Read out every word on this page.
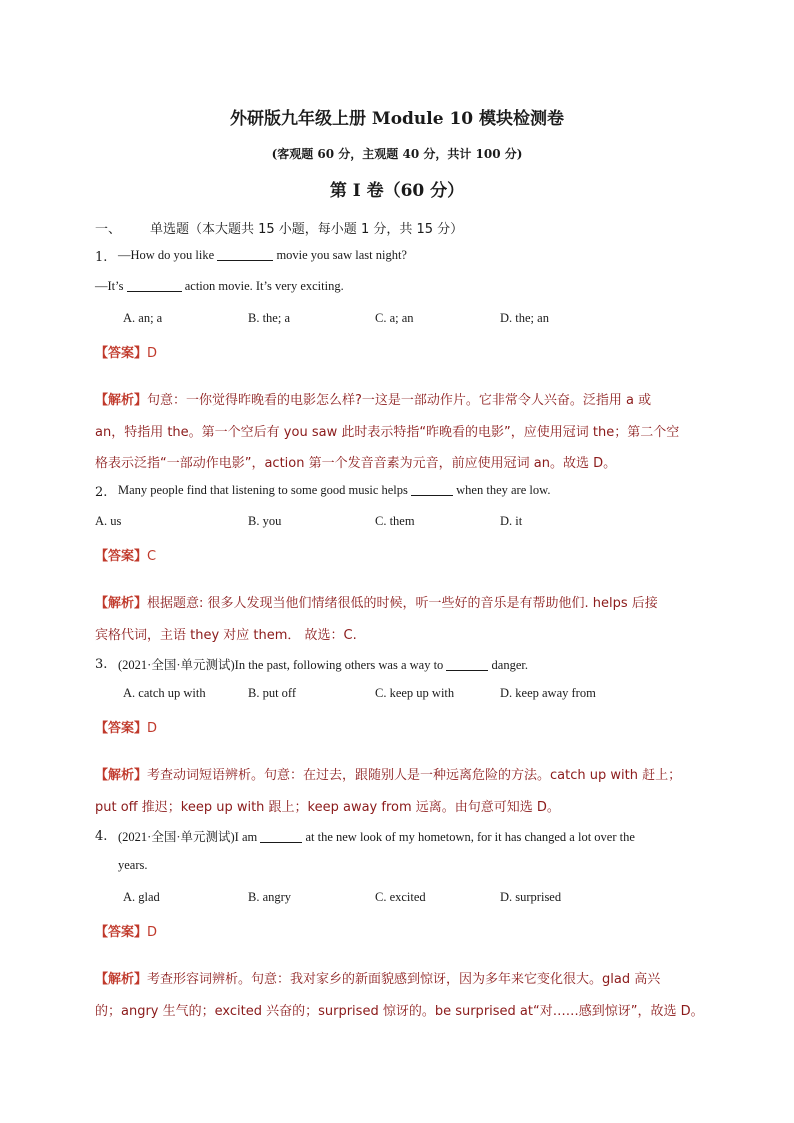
外研版九年级上册 Module 10 模块检测卷
(客观题 60 分，主观题 40 分，共计 100 分)
第 I 卷（60 分）
一、 单选题（本大题共 15 小题，每小题 1 分，共 15 分）
1. —How do you like	movie you saw last night?
—It’s	action movie. It’s very exciting.
A. an; a	B. the; a	C. a; an	D. the; an
【答案】D
【解析】句意：一你觉得昨晚看的电影怎么样?一这是一部动作片。它非常令人兴奋。泛指用 a 或
an，特指用 the。第一个空后有 you saw 此时表示特指“昨晚看的电影”，应使用冠词 the；第二个空
格表示泛指“一部动作电影”，action 第一个发音音素为元音，前应使用冠词 an。故选 D。
2. Many people find that listening to some good music helps	when they are low.
A. us	B. you	C. them	D. it
【答案】C
【解析】根据题意: 很多人发现当他们情绪很低的时候，听一些好的音乐是有帮助他们. helps 后接
宾格代词，主语 they 对应 them． 故选：C.
3. (2021·全国·单元测试)In the past, following others was a way to	danger.
A. catch up with	B. put off	C. keep up with	D. keep away from
【答案】D
【解析】考查动词短语辨析。句意：在过去，跟随别人是一种远离危险的方法。catch up with 赶上；
put off 推迟；keep up with 跟上；keep away from 远离。由句意可知选 D。
4. (2021·全国·单元测试)I am	at the new look of my hometown, for it has changed a lot over the
years.
A. glad	B. angry	C. excited	D. surprised
【答案】D
【解析】考查形容词辨析。句意：我对家乡的新面貌感到惊讶，因为多年来它变化很大。glad 高兴
的；angry 生气的；excited 兴奋的；surprised 惊讶的。be surprised at“对……感到惊讶”，故选 D。
